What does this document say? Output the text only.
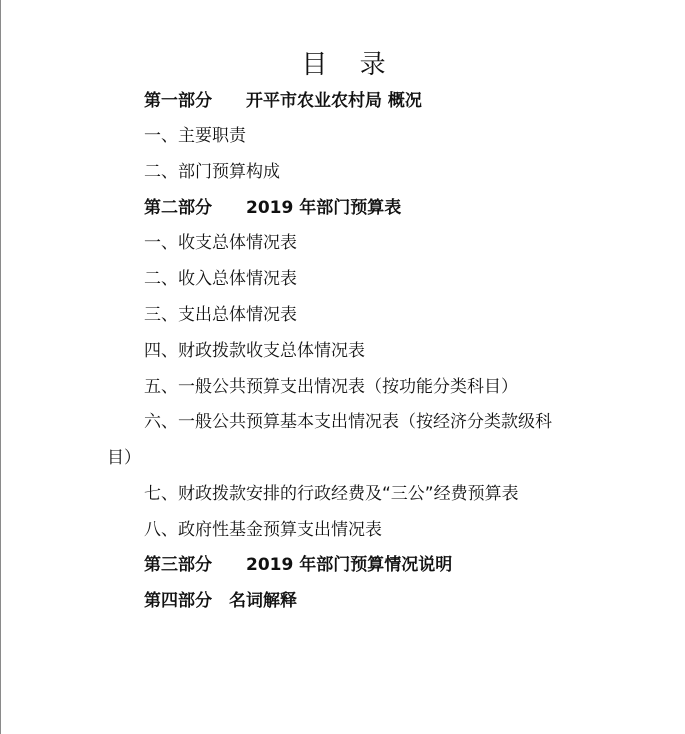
目 录
第一部分　　开平市农业农村局 概况
一、主要职责
二、部门预算构成
第二部分　　2019 年部门预算表
一、收支总体情况表
二、收入总体情况表
三、支出总体情况表
四、财政拨款收支总体情况表
五、一般公共预算支出情况表（按功能分类科目）
六、一般公共预算基本支出情况表（按经济分类款级科
目）
七、财政拨款安排的行政经费及“三公”经费预算表
八、政府性基金预算支出情况表
第三部分　　2019 年部门预算情况说明
第四部分　名词解释
